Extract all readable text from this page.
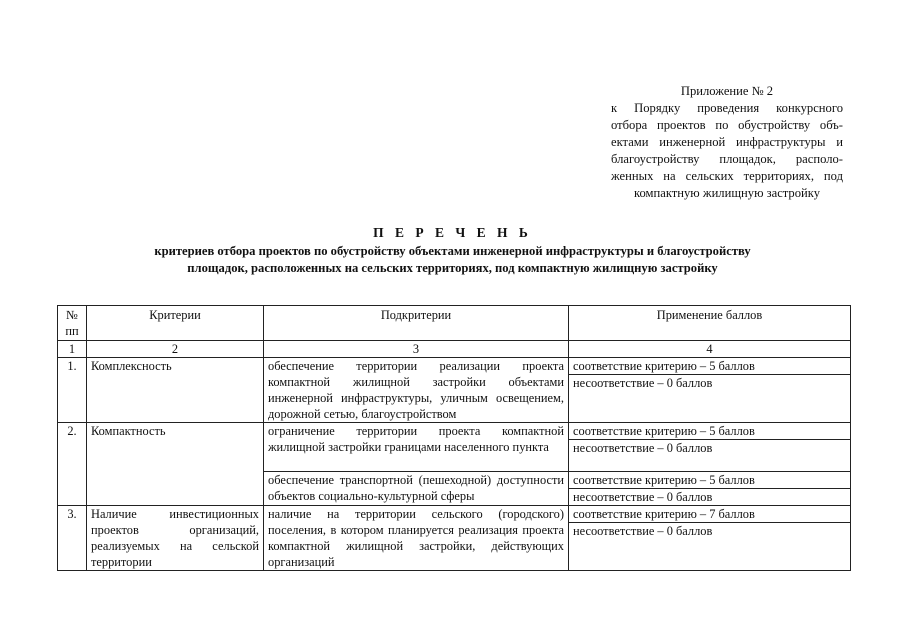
Приложение № 2
к Порядку проведения конкурсного
отбора проектов по обустройству объ-
ектами инженерной инфраструктуры и
благоустройству площадок, располо-
женных на сельских территориях, под
компактную жилищную застройку
П Е Р Е Ч Е Н Ь
критериев отбора проектов по обустройству объектами инженерной инфраструктуры и благоустройству
площадок, расположенных на сельских территориях, под компактную жилищную застройку
№ пп	Критерии	Подкритерии	Применение баллов
1	2	3	4
1.	Комплексность	обеспечение территории реализации проекта компактной жилищной застройки объектами инженерной инфраструктуры, уличным освещением, дорожной сетью, благоустройством	соответствие критерию – 5 баллов
			несоответствие – 0 баллов
2.	Компактность	ограничение территории проекта компактной жилищной застройки границами населенного пункта	соответствие критерию – 5 баллов
			несоответствие – 0 баллов
		обеспечение транспортной (пешеходной) доступности объектов социально-культурной сферы	соответствие критерию – 5 баллов
			несоответствие – 0 баллов
3.	Наличие инвестиционных проектов организаций, реализуемых на сельской территории	наличие на территории сельского (городского) поселения, в котором планируется реализация проекта компактной жилищной застройки, действующих организаций	соответствие критерию – 7 баллов
			несоответствие – 0 баллов
